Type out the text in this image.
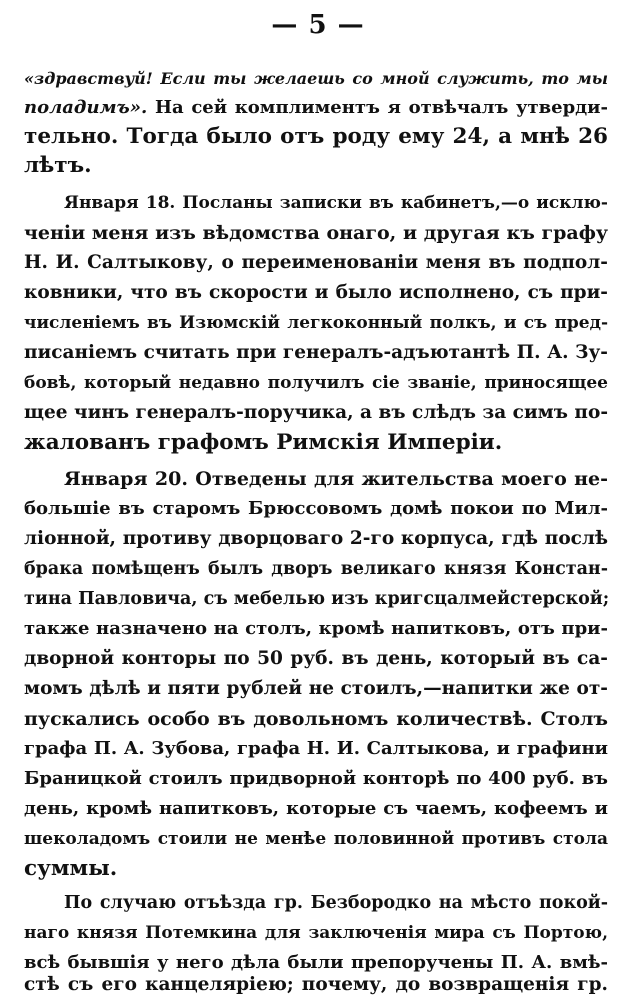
— 5 —
«здравствуй! Если ты желаешь со мной служить, то мы
поладимъ». На сей комплиментъ я отвѣчалъ утверди-
тельно. Тогда было отъ роду ему 24, а мнѣ 26
лѣтъ.
Января 18. Посланы записки въ кабинетъ,—о исклю-
ченіи меня изъ вѣдомства онаго, и другая къ графу
Н. И. Салтыкову, о переименованіи меня въ подпол-
ковники, что въ скорости и было исполнено, съ при-
численіемъ въ Изюмскій легкоконный полкъ, и съ пред-
писаніемъ считать при генералъ-адъютантѣ П. А. Зу-
бовѣ, который недавно получилъ сіе званіе, приносящее
щее чинъ генералъ-поручика, а въ слѣдъ за симъ по-
жалованъ графомъ Римскія Имперіи.
Января 20. Отведены для жительства моего не-
большіе въ старомъ Брюссовомъ домѣ покои по Мил-
ліонной, противу дворцоваго 2-го корпуса, гдѣ послѣ
брака помѣщенъ былъ дворъ великаго князя Констан-
тина Павловича, съ мебелью изъ кригсцалмейстерской;
также назначено на столъ, кромѣ напитковъ, отъ при-
дворной конторы по 50 руб. въ день, который въ са-
момъ дѣлѣ и пяти рублей не стоилъ,—напитки же от-
пускались особо въ довольномъ количествѣ. Столъ
графа П. А. Зубова, графа Н. И. Салтыкова, и графини
Браницкой стоилъ придворной конторѣ по 400 руб. въ
день, кромѣ напитковъ, которые съ чаемъ, кофеемъ и
шеколадомъ стоили не менѣе половинной противъ стола
суммы.
По случаю отъѣзда гр. Безбородко на мѣсто покой-
наго князя Потемкина для заключенія мира съ Портою,
всѣ бывшія у него дѣла были препоручены П. А. вмѣ-
стѣ съ его канцеляріею; почему, до возвращенія гр.
